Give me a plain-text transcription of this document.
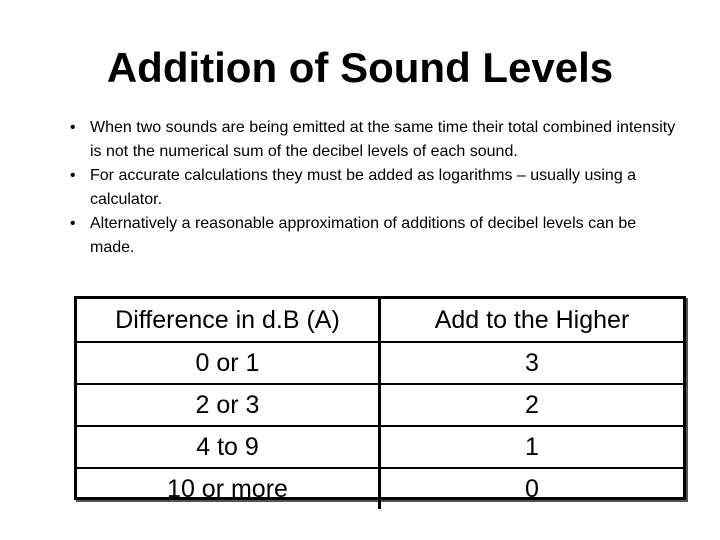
Addition of Sound Levels
• When two sounds are being emitted at the same time their total combined intensity is not the numerical sum of the decibel levels of each sound.
• For accurate calculations they must be added as logarithms – usually using a calculator.
• Alternatively a reasonable approximation of additions of decibel levels can be made.
Difference in d.B (A)	Add to the Higher
0 or 1	3
2 or 3	2
4 to 9	1
10 or more	0
